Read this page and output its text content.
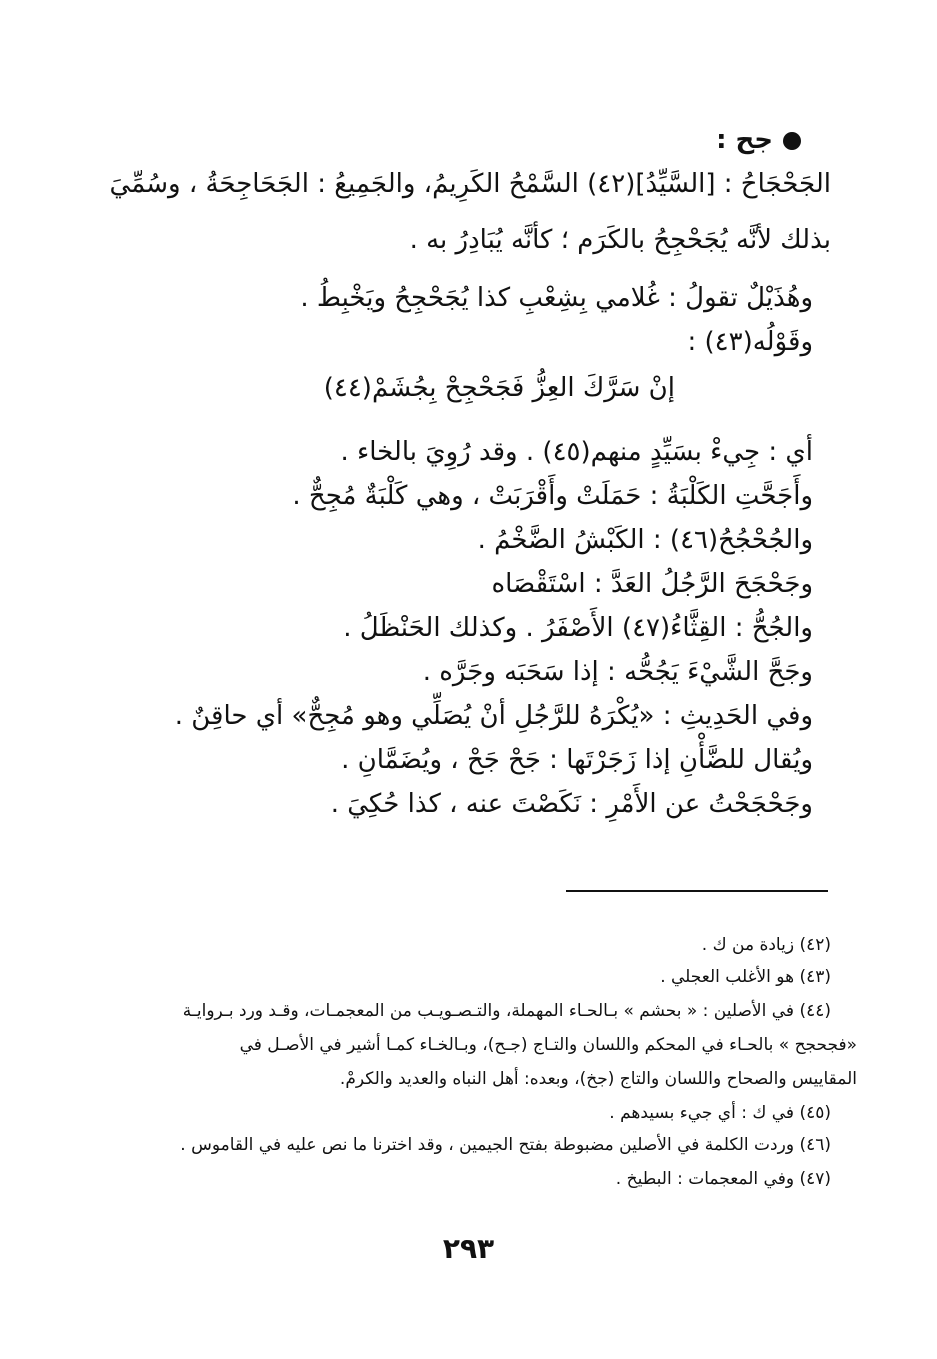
جح :
الجَحْجَاحُ : [السَّيِّدُ](٤٢) السَّمْحُ الكَرِيمُ، والجَمِيعُ : الجَحَاجِحَةُ ، وسُمِّيَ
بذلك لأنَّه يُجَحْجِحُ بالكَرَم ؛ كأنَّه يُبَادِرُ به .
وهُذَيْلٌ تقولُ : غُلامي بِشِعْبِ كذا يُجَحْجِحُ ويَخْبِطُ .
وقَوْلُه(٤٣) :
إنْ سَرَّكَ العِزُّ فَجَحْجِحْ بِجُشَمْ(٤٤)
أي : جِيءْ بسَيِّدٍ منهم(٤٥) . وقد رُوِيَ بالخاء .
وأَجَحَّتِ الكَلْبَةُ : حَمَلَتْ وأَقْرَبَتْ ، وهي كَلْبَةٌ مُجِحٌّ .
والجُحْجُحُ(٤٦) : الكَبْشُ الضَّخْمُ .
وجَحْجَحَ الرَّجُلُ العَدَّ : اسْتَقْصَاه
والجُحُّ : القِثَّاءُ(٤٧) الأَصْفَرُ . وكذلك الحَنْظَلُ .
وجَحَّ الشَّيْءَ يَجُحُّه : إذا سَحَبَه وجَرَّه .
وفي الحَدِيثِ : «يُكْرَهُ للرَّجُلِ أنْ يُصَلِّي وهو مُجِحٌّ» أي حاقِنٌ .
ويُقال للضَّأْنِ إذا زَجَرْتَها : جَحْ جَحْ ، ويُضَمَّانِ .
وجَحْجَحْتُ عن الأَمْرِ : نَكَصْتَ عنه ، كذا حُكِيَ .
(٤٢) زيادة من ك .
(٤٣) هو الأغلب العجلي .
(٤٤) في الأصلين : « بحشم » بـالحـاء المهملة، والتـصـويـب من المعجمـات، وقـد ورد بـروايـة
«فجحجح » بالحـاء في المحكم واللسان والتـاج (جـح)، وبـالخـاء كمـا أشير في الأصـل في
المقاييس والصحاح واللسان والتاج (جخ)، وبعده: أهل النباه والعديد والكرمْ.
(٤٥) في ك : أي جيء بسيدهم .
(٤٦) وردت الكلمة في الأصلين مضبوطة بفتح الجيمين ، وقد اخترنا ما نص عليه في القاموس .
(٤٧) وفي المعجمات : البطيخ .
٢٩٣
